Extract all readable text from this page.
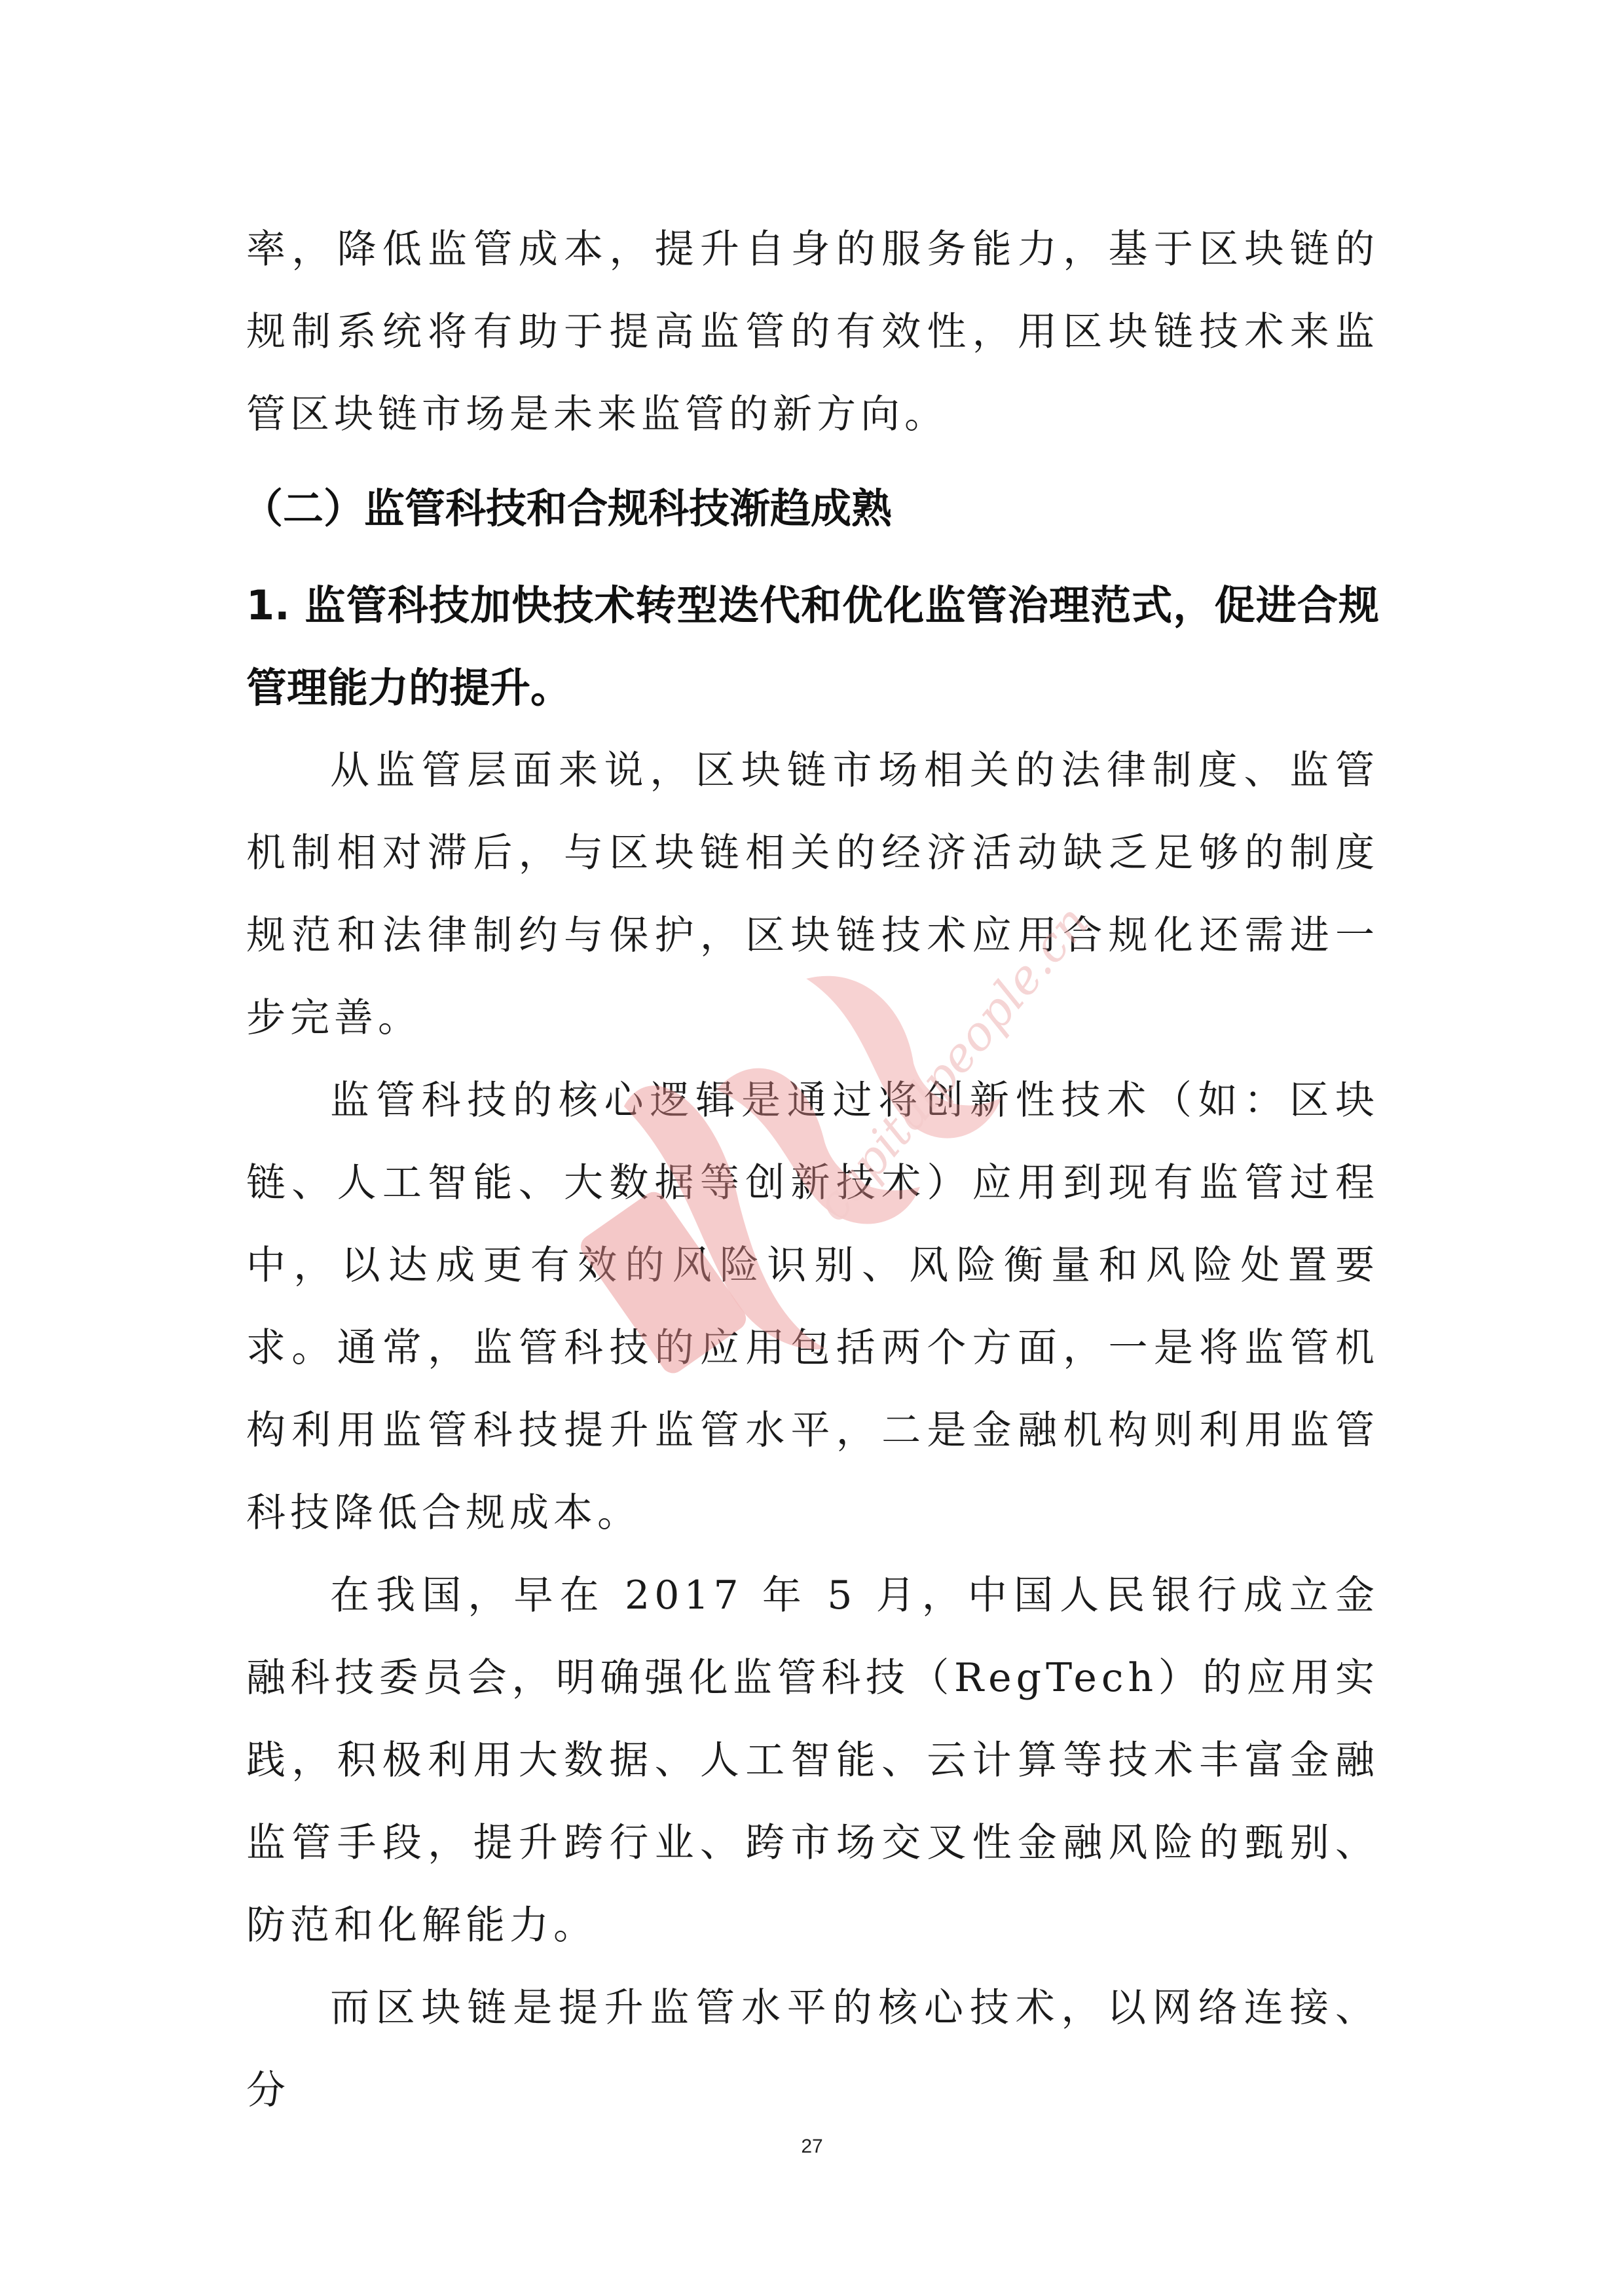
率，降低监管成本，提升自身的服务能力，基于区块链的规制系统将有助于提高监管的有效性，用区块链技术来监管区块链市场是未来监管的新方向。

（二）监管科技和合规科技渐趋成熟
1. 监管科技加快技术转型迭代和优化监管治理范式，促进合规管理能力的提升。

从监管层面来说，区块链市场相关的法律制度、监管机制相对滞后，与区块链相关的经济活动缺乏足够的制度规范和法律制约与保护，区块链技术应用合规化还需进一步完善。

监管科技的核心逻辑是通过将创新性技术（如：区块链、人工智能、大数据等创新技术）应用到现有监管过程中，以达成更有效的风险识别、风险衡量和风险处置要求。通常，监管科技的应用包括两个方面，一是将监管机构利用监管科技提升监管水平，二是金融机构则利用监管科技降低合规成本。

在我国，早在 2017 年 5 月，中国人民银行成立金融科技委员会，明确强化监管科技（RegTech）的应用实践，积极利用大数据、人工智能、云计算等技术丰富金融监管手段，提升跨行业、跨市场交叉性金融风险的甄别、防范和化解能力。

而区块链是提升监管水平的核心技术，以网络连接、分

capitalpeople.cn
27
